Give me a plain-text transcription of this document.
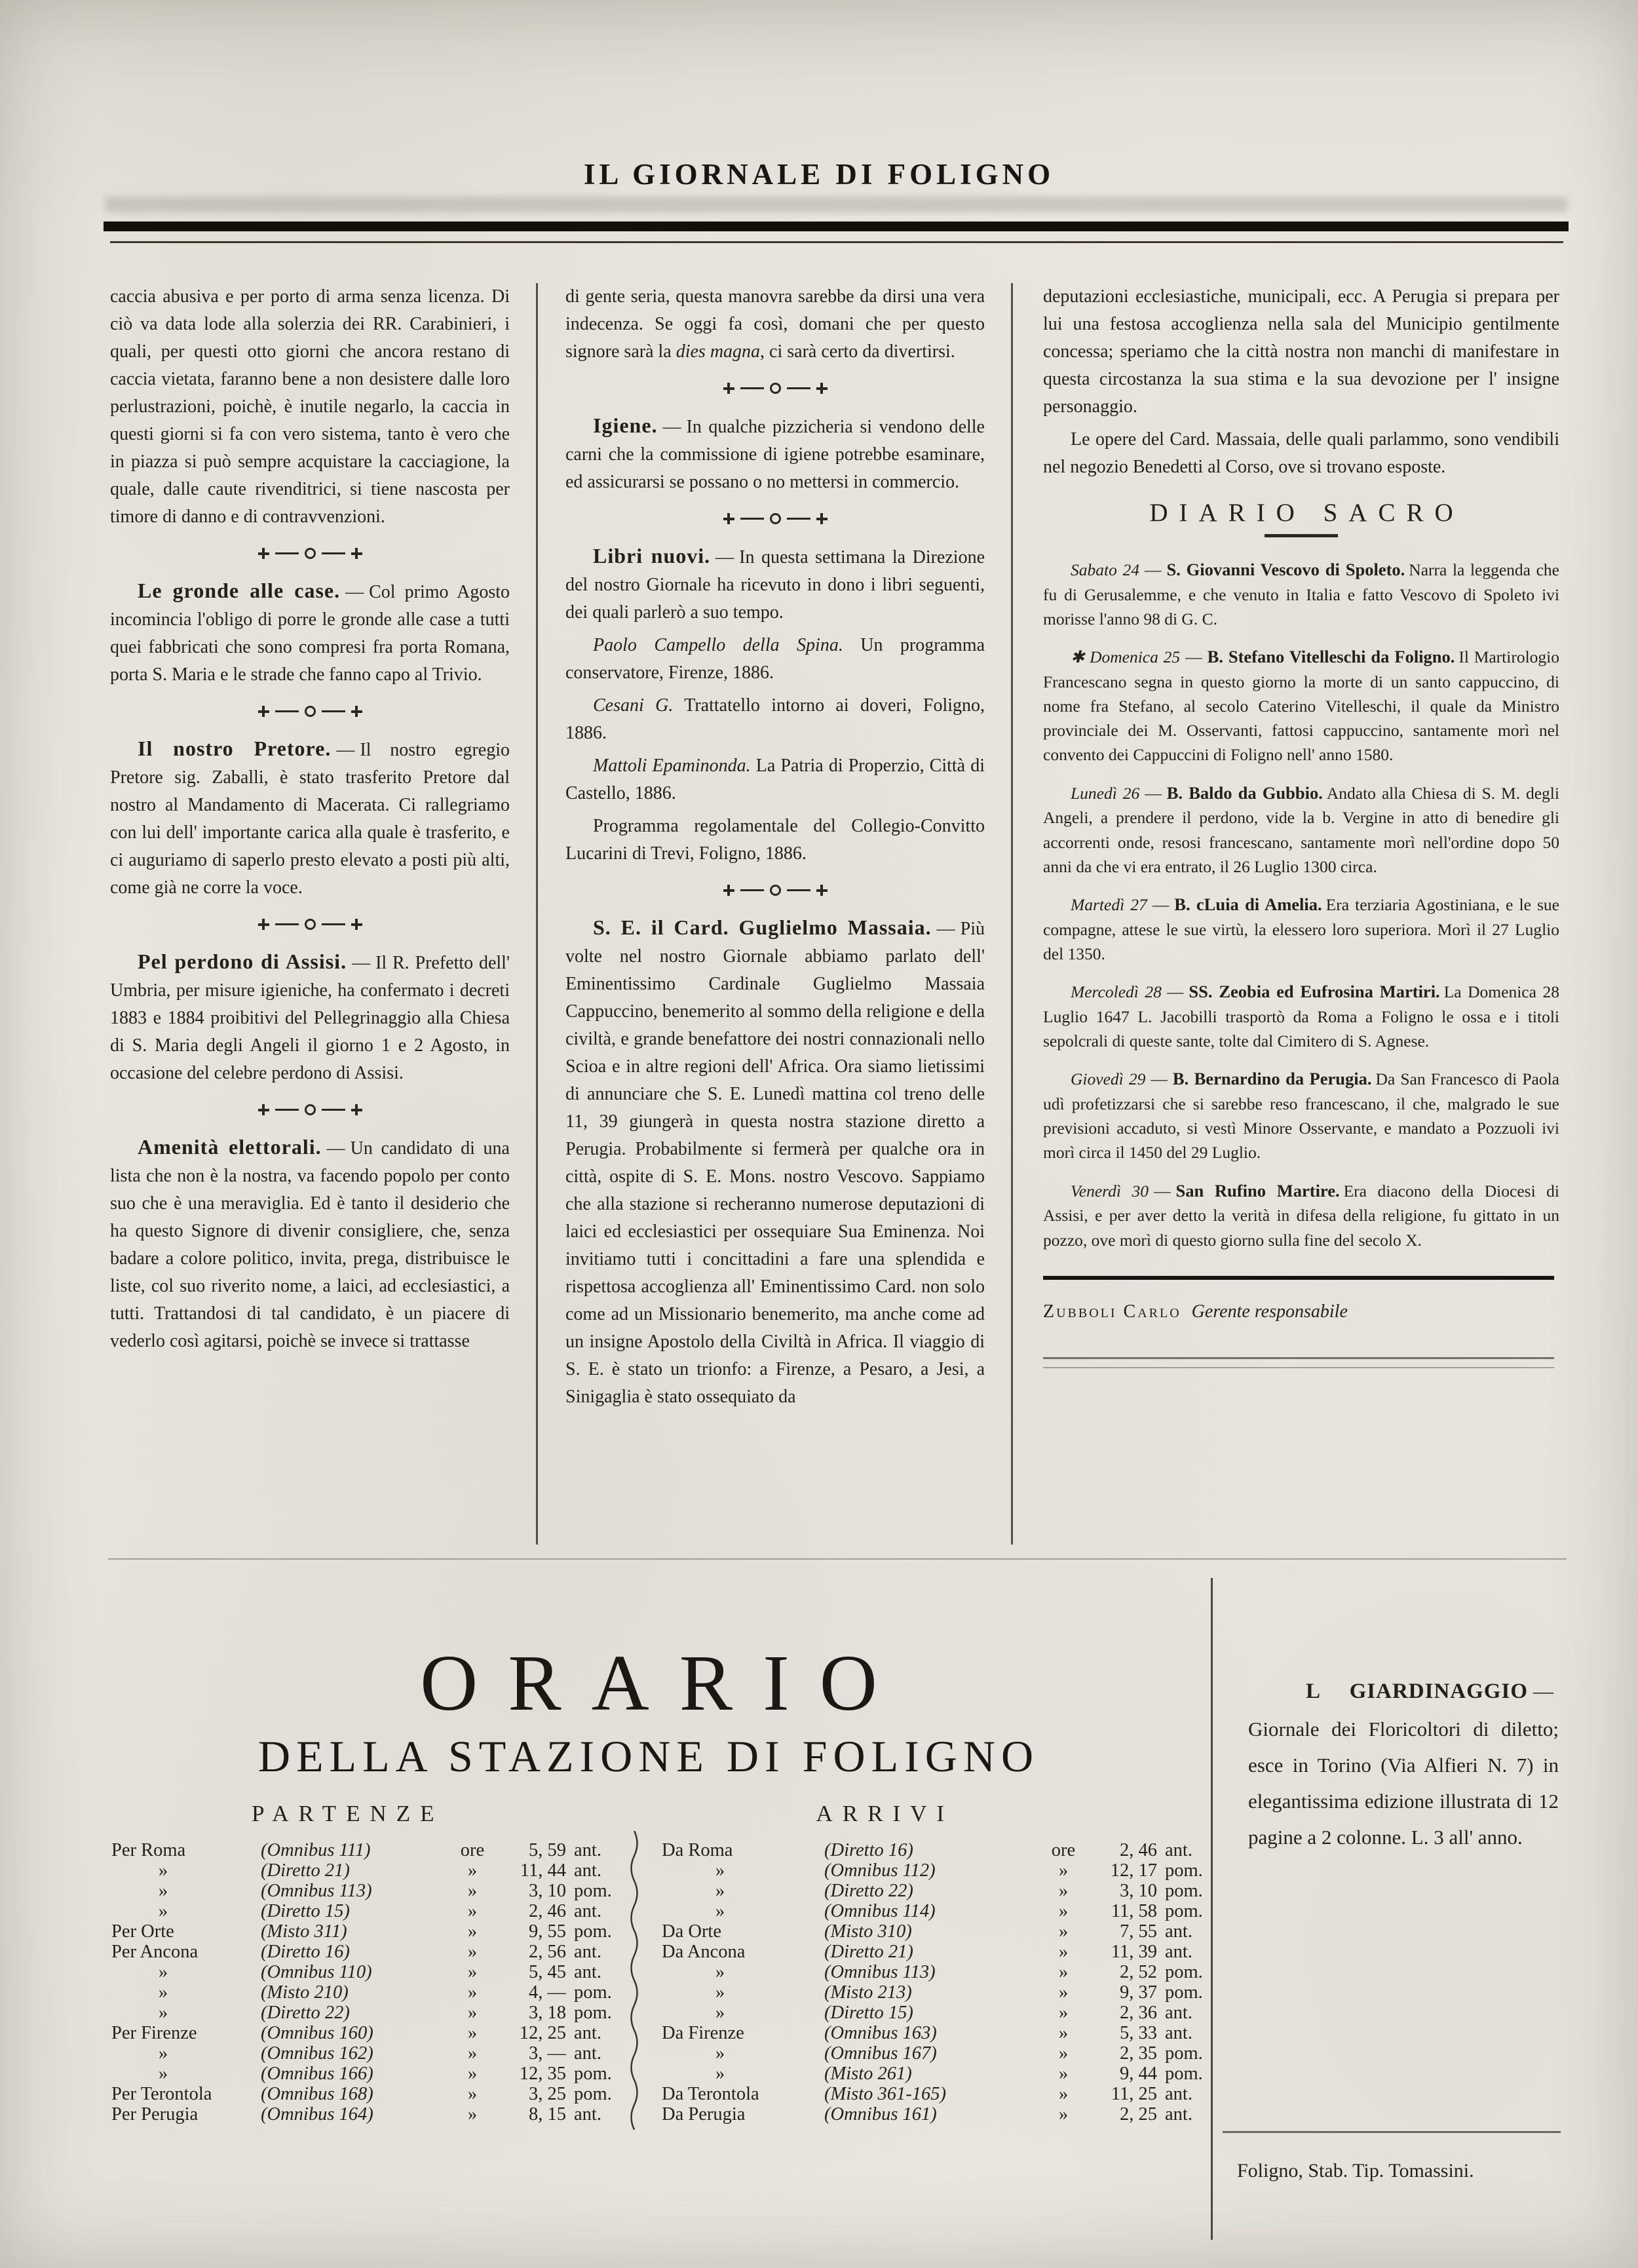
IL GIORNALE DI FOLIGNO

caccia abusiva e per porto di arma senza licenza. Di ciò va data lode alla solerzia dei RR. Carabinieri, i quali, per questi otto giorni che ancora restano di caccia vietata, faranno bene a non desistere dalle loro perlustrazioni, poichè, è inutile negarlo, la caccia in questi giorni si fa con vero sistema, tanto è vero che in piazza si può sempre acquistare la cacciagione, la quale, dalle caute rivenditrici, si tiene nascosta per timore di danno e di contravvenzioni.

Le gronde alle case. — Col primo Agosto incomincia l'obligo di porre le gronde alle case a tutti quei fabbricati che sono compresi fra porta Romana, porta S. Maria e le strade che fanno capo al Trivio.

Il nostro Pretore. — Il nostro egregio Pretore sig. Zaballi, è stato trasferito Pretore dal nostro al Mandamento di Macerata. Ci rallegriamo con lui dell' importante carica alla quale è trasferito, e ci auguriamo di saperlo presto elevato a posti più alti, come già ne corre la voce.

Pel perdono di Assisi. — Il R. Prefetto dell' Umbria, per misure igieniche, ha confermato i decreti 1883 e 1884 proibitivi del Pellegrinaggio alla Chiesa di S. Maria degli Angeli il giorno 1 e 2 Agosto, in occasione del celebre perdono di Assisi.

Amenità elettorali. — Un candidato di una lista che non è la nostra, va facendo popolo per conto suo che è una meraviglia. Ed è tanto il desiderio che ha questo Signore di divenir consigliere, che, senza badare a colore politico, invita, prega, distribuisce le liste, col suo riverito nome, a laici, ad ecclesiastici, a tutti. Trattandosi di tal candidato, è un piacere di vederlo così agitarsi, poichè se invece si trattasse

di gente seria, questa manovra sarebbe da dirsi una vera indecenza. Se oggi fa così, domani che per questo signore sarà la dies magna, ci sarà certo da divertirsi.

Igiene. — In qualche pizzicheria si vendono delle carni che la commissione di igiene potrebbe esaminare, ed assicurarsi se possano o no mettersi in commercio.

Libri nuovi. — In questa settimana la Direzione del nostro Giornale ha ricevuto in dono i libri seguenti, dei quali parlerò a suo tempo.

Paolo Campello della Spina. Un programma conservatore, Firenze, 1886.

Cesani G. Trattatello intorno ai doveri, Foligno, 1886.

Mattoli Epaminonda. La Patria di Properzio, Città di Castello, 1886.

Programma regolamentale del Collegio-Convitto Lucarini di Trevi, Foligno, 1886.

S. E. il Card. Guglielmo Massaia. — Più volte nel nostro Giornale abbiamo parlato dell' Eminentissimo Cardinale Guglielmo Massaia Cappuccino, benemerito al sommo della religione e della civiltà, e grande benefattore dei nostri connazionali nello Scioa e in altre regioni dell' Africa. Ora siamo lietissimi di annunciare che S. E. Lunedì mattina col treno delle 11, 39 giungerà in questa nostra stazione diretto a Perugia. Probabilmente si fermerà per qualche ora in città, ospite di S. E. Mons. nostro Vescovo. Sappiamo che alla stazione si recheranno numerose deputazioni di laici ed ecclesiastici per ossequiare Sua Eminenza. Noi invitiamo tutti i concittadini a fare una splendida e rispettosa accoglienza all' Eminentissimo Card. non solo come ad un Missionario benemerito, ma anche come ad un insigne Apostolo della Civiltà in Africa. Il viaggio di S. E. è stato un trionfo: a Firenze, a Pesaro, a Jesi, a Sinigaglia è stato ossequiato da

deputazioni ecclesiastiche, municipali, ecc. A Perugia si prepara per lui una festosa accoglienza nella sala del Municipio gentilmente concessa; speriamo che la città nostra non manchi di manifestare in questa circostanza la sua stima e la sua devozione per l' insigne personaggio.

Le opere del Card. Massaia, delle quali parlammo, sono vendibili nel negozio Benedetti al Corso, ove si trovano esposte.

DIARIO SACRO

Sabato 24 — S. Giovanni Vescovo di Spoleto. Narra la leggenda che fu di Gerusalemme, e che venuto in Italia e fatto Vescovo di Spoleto ivi morisse l'anno 98 di G. C.

✱ Domenica 25 — B. Stefano Vitelleschi da Foligno. Il Martirologio Francescano segna in questo giorno la morte di un santo cappuccino, di nome fra Stefano, al secolo Caterino Vitelleschi, il quale da Ministro provinciale dei M. Osservanti, fattosi cappuccino, santamente morì nel convento dei Cappuccini di Foligno nell' anno 1580.

Lunedì 26 — B. Baldo da Gubbio. Andato alla Chiesa di S. M. degli Angeli, a prendere il perdono, vide la b. Vergine in atto di benedire gli accorrenti onde, resosi francescano, santamente morì nell'ordine dopo 50 anni da che vi era entrato, il 26 Luglio 1300 circa.

Martedì 27 — B. cLuia di Amelia. Era terziaria Agostiniana, e le sue compagne, attese le sue virtù, la elessero loro superiora. Morì il 27 Luglio del 1350.

Mercoledì 28 — SS. Zeobia ed Eufrosina Martiri. La Domenica 28 Luglio 1647 L. Jacobilli trasportò da Roma a Foligno le ossa e i titoli sepolcrali di queste sante, tolte dal Cimitero di S. Agnese.

Giovedì 29 — B. Bernardino da Perugia. Da San Francesco di Paola udì profetizzarsi che si sarebbe reso francescano, il che, malgrado le sue previsioni accaduto, si vestì Minore Osservante, e mandato a Pozzuoli ivi morì circa il 1450 del 29 Luglio.

Venerdì 30 — San Rufino Martire. Era diacono della Diocesi di Assisi, e per aver detto la verità in difesa della religione, fu gittato in un pozzo, ove morì di questo giorno sulla fine del secolo X.

Zubboli Carlo Gerente responsabile

ORARIO
DELLA STAZIONE DI FOLIGNO
PARTENZE	ARRIVI
Per Roma	(Omnibus 111)	ore	5, 59 ant.
»	(Diretto 21)	»	11, 44 ant.
»	(Omnibus 113)	»	3, 10 pom.
»	(Diretto 15)	»	2, 46 ant.
Per Orte	(Misto 311)	»	9, 55 pom.
Per Ancona	(Diretto 16)	»	2, 56 ant.
»	(Omnibus 110)	»	5, 45 ant.
»	(Misto 210)	»	4, — pom.
»	(Diretto 22)	»	3, 18 pom.
Per Firenze	(Omnibus 160)	»	12, 25 ant.
»	(Omnibus 162)	»	3, — ant.
»	(Omnibus 166)	»	12, 35 pom.
Per Terontola	(Omnibus 168)	»	3, 25 pom.
Per Perugia	(Omnibus 164)	»	8, 15 ant.
Da Roma	(Diretto 16)	ore	2, 46 ant.
»	(Omnibus 112)	»	12, 17 pom.
»	(Diretto 22)	»	3, 10 pom.
»	(Omnibus 114)	»	11, 58 pom.
Da Orte	(Misto 310)	»	7, 55 ant.
Da Ancona	(Diretto 21)	»	11, 39 ant.
»	(Omnibus 113)	»	2, 52 pom.
»	(Misto 213)	»	9, 37 pom.
»	(Diretto 15)	»	2, 36 ant.
Da Firenze	(Omnibus 163)	»	5, 33 ant.
»	(Omnibus 167)	»	2, 35 pom.
»	(Misto 261)	»	9, 44 pom.
Da Terontola	(Misto 361-165)	»	11, 25 ant.
Da Perugia	(Omnibus 161)	»	2, 25 ant.

L GIARDINAGGIO —Giornale dei Floricoltori di diletto; esce in Torino (Via Alfieri N. 7) in elegantissima edizione illustrata di 12 pagine a 2 colonne. L. 3 all' anno.

Foligno, Stab. Tip. Tomassini.
